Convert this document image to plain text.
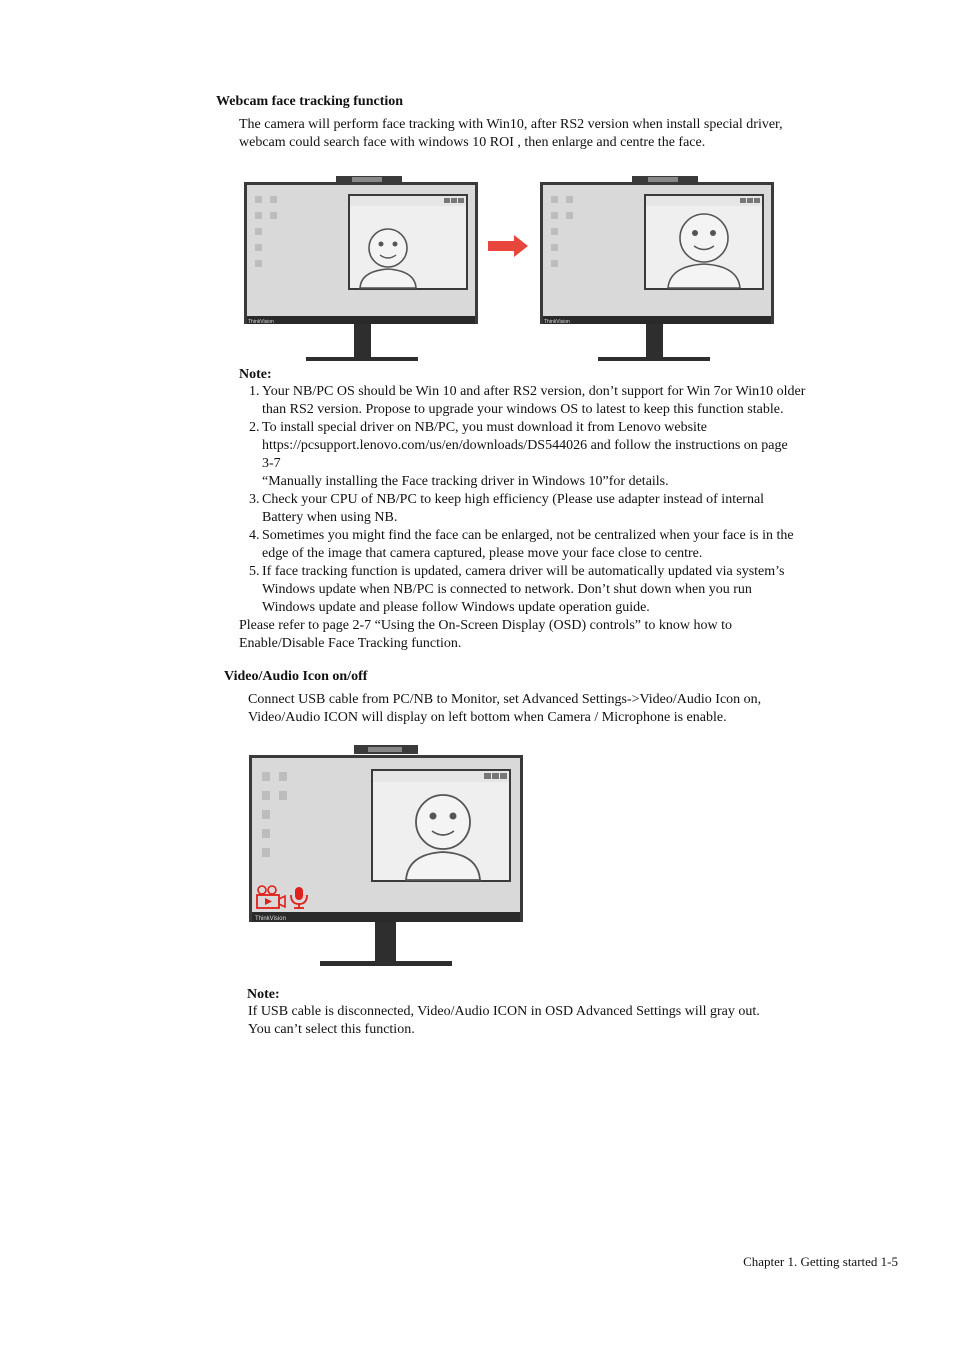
Webcam face tracking function
The camera will perform face tracking with Win10, after RS2 version when install special driver,
webcam could search face with windows 10 ROI , then enlarge and centre the face.
ThinkVision	ThinkVision
Note:
1. Your NB/PC OS should be Win 10 and after RS2 version, don’t support for Win 7or Win10 older
than RS2 version. Propose to upgrade your windows OS to latest to keep this function stable.
2. To install special driver on NB/PC, you must download it from Lenovo website
https://pcsupport.lenovo.com/us/en/downloads/DS544026 and follow the instructions on page
3-7
“Manually installing the Face tracking driver in Windows 10”for details.
3. Check your CPU of NB/PC to keep high efficiency (Please use adapter instead of internal
Battery when using NB.
4. Sometimes you might find the face can be enlarged, not be centralized when your face is in the
edge of the image that camera captured, please move your face close to centre.
5. If face tracking function is updated, camera driver will be automatically updated via system’s
Windows update when NB/PC is connected to network. Don’t shut down when you run
Windows update and please follow Windows update operation guide.
Please refer to page 2-7 “Using the On-Screen Display (OSD) controls” to know how to
Enable/Disable Face Tracking function.
Video/Audio Icon on/off
Connect USB cable from PC/NB to Monitor, set Advanced Settings->Video/Audio Icon on,
Video/Audio ICON will display on left bottom when Camera / Microphone is enable.
ThinkVision
Note:
If USB cable is disconnected, Video/Audio ICON in OSD Advanced Settings will gray out.
You can’t select this function.
Chapter 1. Getting started 1-5
